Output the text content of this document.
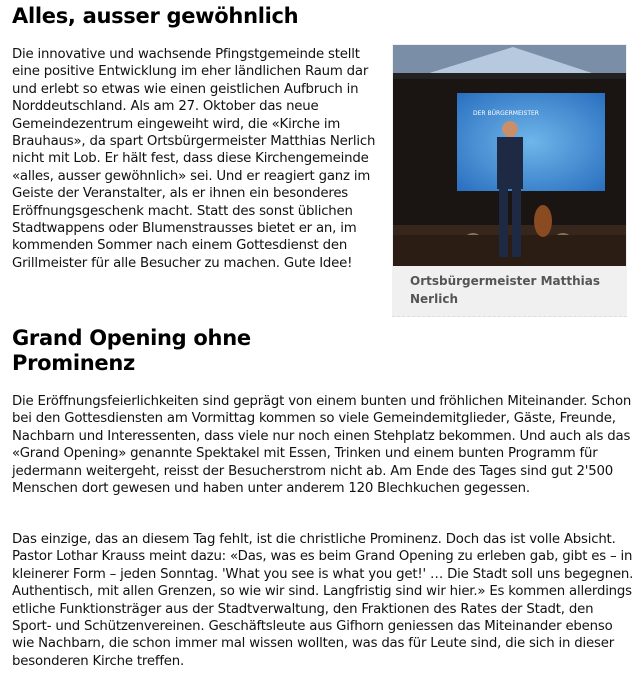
Alles, ausser gewöhnlich

Die innovative und wachsende Pfingstgemeinde stellt eine positive Entwicklung im eher ländlichen Raum dar und erlebt so etwas wie einen geistlichen Aufbruch in Norddeutschland. Als am 27. Oktober das neue Gemeindezentrum eingeweiht wird, die «Kirche im Brauhaus», da spart Ortsbürgermeister Matthias Nerlich nicht mit Lob. Er hält fest, dass diese Kirchengemeinde «alles, ausser gewöhnlich» sei. Und er reagiert ganz im Geiste der Veranstalter, als er ihnen ein besonderes Eröffnungsgeschenk macht. Statt des sonst üblichen Stadtwappens oder Blumenstrausses bietet er an, im kommenden Sommer nach einem Gottesdienst den Grillmeister für alle Besucher zu machen. Gute Idee!

DER BÜRGERMEISTER
Ortsbürgermeister Matthias Nerlich
Grand Opening ohne Prominenz

Die Eröffnungsfeierlichkeiten sind geprägt von einem bunten und fröhlichen Miteinander. Schon bei den Gottesdiensten am Vormittag kommen so viele Gemeindemitglieder, Gäste, Freunde, Nachbarn und Interessenten, dass viele nur noch einen Stehplatz bekommen. Und auch als das «Grand Opening» genannte Spektakel mit Essen, Trinken und einem bunten Programm für jedermann weitergeht, reisst der Besucherstrom nicht ab. Am Ende des Tages sind gut 2'500 Menschen dort gewesen und haben unter anderem 120 Blechkuchen gegessen.

Das einzige, das an diesem Tag fehlt, ist die christliche Prominenz. Doch das ist volle Absicht. Pastor Lothar Krauss meint dazu: «Das, was es beim Grand Opening zu erleben gab, gibt es – in kleinerer Form – jeden Sonntag. 'What you see is what you get!' … Die Stadt soll uns begegnen. Authentisch, mit allen Grenzen, so wie wir sind. Langfristig sind wir hier.» Es kommen allerdings etliche Funktionsträger aus der Stadtverwaltung, den Fraktionen des Rates der Stadt, den Sport- und Schützenvereinen. Geschäftsleute aus Gifhorn geniessen das Miteinander ebenso wie Nachbarn, die schon immer mal wissen wollten, was das für Leute sind, die sich in dieser besonderen Kirche treffen.
